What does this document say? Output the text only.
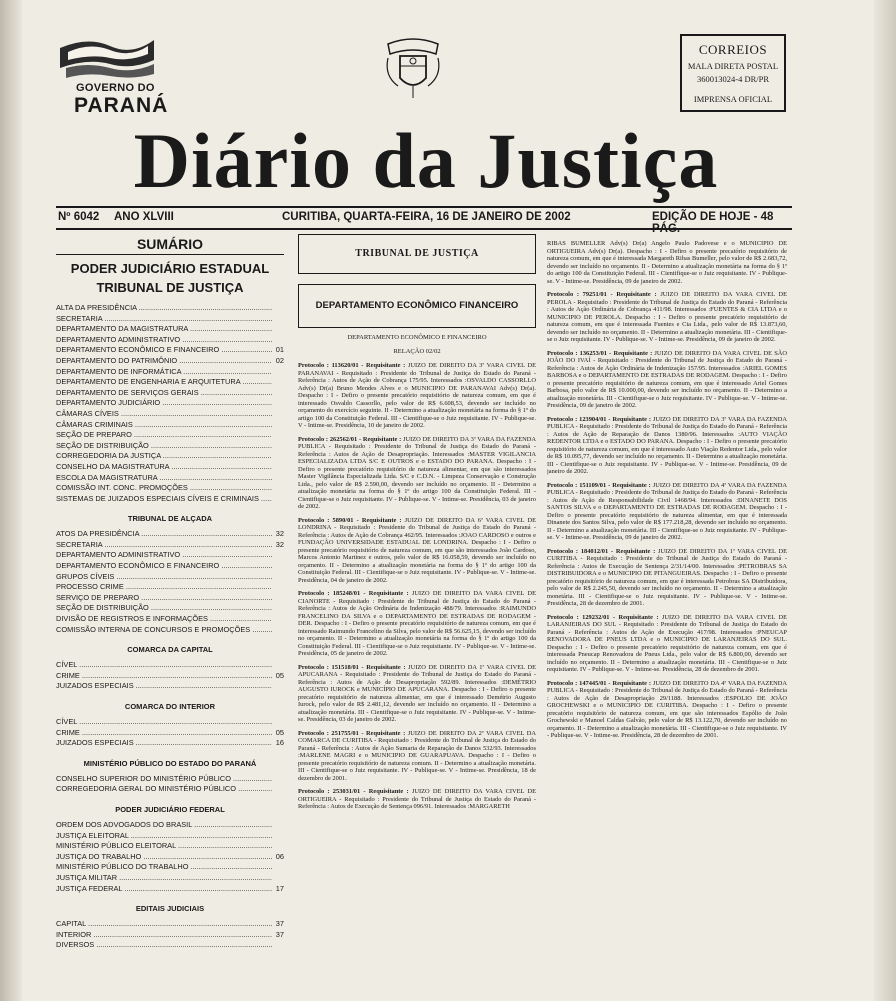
GOVERNO DO
PARANÁ
CORREIOS
MALA DIRETA POSTAL
360013024-4 DR/PR
IMPRENSA OFICIAL
Diário da Justiça
Nº 6042 ANO XLVIII	CURITIBA, QUARTA-FEIRA, 16 DE JANEIRO DE 2002	EDIÇÃO DE HOJE - 48 PÁG.
SUMÁRIO
PODER JUDICIÁRIO ESTADUAL
TRIBUNAL DE JUSTIÇA
ALTA DA PRESIDÊNCIA .....
SECRETARIA .....
DEPARTAMENTO DA MAGISTRATURA .....
DEPARTAMENTO ADMINISTRATIVO .....
DEPARTAMENTO ECONÔMICO E FINANCEIRO .....	01
DEPARTAMENTO DO PATRIMÔNIO .....	02
DEPARTAMENTO DE INFORMÁTICA .....
DEPARTAMENTO DE ENGENHARIA E ARQUITETURA .....
DEPARTAMENTO DE SERVIÇOS GERAIS .....
DEPARTAMENTO JUDICIÁRIO .....
CÂMARAS CÍVEIS .....
CÂMARAS CRIMINAIS .....
SEÇÃO DE PREPARO .....
SEÇÃO DE DISTRIBUIÇÃO .....
CORREGEDORIA DA JUSTIÇA .....
CONSELHO DA MAGISTRATURA .....
ESCOLA DA MAGISTRATURA .....
COMISSÃO INT. CONC. PROMOÇÕES .....
SISTEMAS DE JUIZADOS ESPECIAIS CÍVEIS E CRIMINAIS .....
TRIBUNAL DE ALÇADA
ATOS DA PRESIDÊNCIA .....	32
SECRETARIA .....	32
DEPARTAMENTO ADMINISTRATIVO .....
DEPARTAMENTO ECONÔMICO E FINANCEIRO .....
GRUPOS CÍVEIS .....
PROCESSO CRIME .....
SERVIÇO DE PREPARO .....
SEÇÃO DE DISTRIBUIÇÃO .....
DIVISÃO DE REGISTROS E INFORMAÇÕES .....
COMISSÃO INTERNA DE CONCURSOS E PROMOÇÕES .....
COMARCA DA CAPITAL
CÍVEL .....
CRIME .....	05
JUIZADOS ESPECIAIS .....
COMARCA DO INTERIOR
CÍVEL .....
CRIME .....	05
JUIZADOS ESPECIAIS .....	16
MINISTÉRIO PÚBLICO DO ESTADO DO PARANÁ
CONSELHO SUPERIOR DO MINISTÉRIO PÚBLICO .....
CORREGEDORIA GERAL DO MINISTÉRIO PÚBLICO .....
PODER JUDICIÁRIO FEDERAL
ORDEM DOS ADVOGADOS DO BRASIL .....
JUSTIÇA ELEITORAL .....
MINISTÉRIO PÚBLICO ELEITORAL .....
JUSTIÇA DO TRABALHO .....	06
MINISTÉRIO PÚBLICO DO TRABALHO .....
JUSTIÇA MILITAR .....
JUSTIÇA FEDERAL .....	17
EDITAIS JUDICIAIS
CAPITAL .....	37
INTERIOR .....	37
DIVERSOS .....
TRIBUNAL DE JUSTIÇA
DEPARTAMENTO ECONÔMICO FINANCEIRO
DEPARTAMENTO ECONÔMICO E FINANCEIRO
RELAÇÃO 02/02
Protocolo : 113620/01 - Requisitante : JUIZO DE DIREITO DA 3ª VARA CIVEL DE PARANAVAI - Requisitado : Presidente do Tribunal de Justiça do Estado do Paraná - Referência : Autos de Ação de Cobrança 175/95. Interessados :OSVALDO CASSORLLO Adv(s) Dr(a) Bruno Mendes Alves e o MUNICIPIO DE PARANAVAI Adv(s) Dr(a). Despacho : I - Defiro o presente precatório requisitório de natureza comum, em que é interessado Osvaldo Cassorllo, pelo valor de R$ 6.608,53, devendo ser incluído no orçamento do exercício seguinte. II - Determino a atualização monetária na forma do § 1º do artigo 100 da Constituição Federal. III - Cientifique-se o Juiz requisitante. IV - Publique-se. V - Intime-se. Presidência, 10 de janeiro de 2002.
Protocolo : 262562/01 - Requisitante : JUIZO DE DIREITO DA 3ª VARA DA FAZENDA PUBLICA - Requisitado : Presidente do Tribunal de Justiça do Estado do Paraná - Referência : Autos de Ação de Desapropriação. Interessados :MASTER VIGILANCIA ESPECIALIZADA LTDA S/C E OUTROS e o ESTADO DO PARANA. Despacho : I - Defiro o presente precatório requisitório de natureza alimentar, em que são interessados Master Vigilância Especializada Ltda. S/C e C.D.N. - Limpeza Conservação e Construção Ltda., pelo valor de R$ 2.590,00, devendo ser incluído no orçamento. II - Determino a atualização monetária na forma do § 1º do artigo 100 da Constituição Federal. III - Cientifique-se o Juiz requisitante. IV - Publique-se. V - Intime-se. Presidência, 03 de janeiro de 2002.
Protocolo : 5890/01 - Requisitante : JUIZO DE DIREITO DA 6ª VARA CIVEL DE LONDRINA - Requisitado : Presidente do Tribunal de Justiça do Estado do Paraná - Referência : Autos de Ação de Cobrança 462/95. Interessados :JOAO CARDOSO e outros e FUNDAÇÃO UNIVERSIDADE ESTADUAL DE LONDRINA. Despacho : I - Defiro o presente precatório requisitório de natureza comum, em que são interessados João Cardoso, Marcos Antonio Martinez e outros, pelo valor de R$ 16.058,59, devendo ser incluído no orçamento. II - Determino a atualização monetária na forma do § 1º do artigo 100 da Constituição Federal. III - Cientifique-se o Juiz requisitante. IV - Publique-se. V - Intime-se. Presidência, 04 de janeiro de 2002.
Protocolo : 185248/01 - Requisitante : JUIZO DE DIREITO DA VARA CIVEL DE CIANORTE - Requisitado : Presidente do Tribunal de Justiça do Estado do Paraná - Referência : Autos de Ação Ordinária de Indenização 488/79. Interessados :RAIMUNDO FRANCELINO DA SILVA e o DEPARTAMENTO DE ESTRADAS DE RODAGEM - DER. Despacho : I - Defiro o presente precatório requisitório de natureza comum, em que é interessado Raimundo Francelino da Silva, pelo valor de R$ 56.625,15, devendo ser incluído no orçamento. II - Determino a atualização monetária na forma do § 1º do artigo 100 da Constituição Federal. III - Cientifique-se o Juiz requisitante. IV - Publique-se. V - Intime-se. Presidência, 05 de janeiro de 2002.
Protocolo : 151518/01 - Requisitante : JUIZO DE DIREITO DA 1ª VARA CIVEL DE APUCARANA - Requisitado : Presidente do Tribunal de Justiça do Estado do Paraná - Referência : Autos de Ação de Desapropriação 592/89. Interessados :DEMÉTRIO AUGUSTO IUROCK e MUNICÍPIO DE APUCARANA. Despacho : I - Defiro o presente precatório requisitório de natureza alimentar, em que é interessado Demétrio Augusto Iurock, pelo valor de R$ 2.481,12, devendo ser incluído no orçamento. II - Determino a atualização monetária. III - Cientifique-se o Juiz requisitante. IV - Publique-se. V - Intime-se. Presidência, 03 de janeiro de 2002.
Protocolo : 251755/01 - Requisitante : JUIZO DE DIREITO DA 2ª VARA CIVEL DA COMARCA DE CURITIBA - Requisitado : Presidente do Tribunal de Justiça do Estado do Paraná - Referência : Autos de Ação Sumaria de Reparação de Danos 532/93. Interessados :MARLENE MAGRI e o MUNICIPIO DE GUARAPUAVA. Despacho : I - Defiro o presente precatório requisitório de natureza comum. II - Determino a atualização monetária. III - Cientifique-se o Juiz requisitante. IV - Publique-se. V - Intime-se. Presidência, 18 de dezembro de 2001.
Protocolo : 253031/01 - Requisitante : JUIZO DE DIREITO DA VARA CIVEL DE ORTIGUEIRA - Requisitado : Presidente do Tribunal de Justiça do Estado do Paraná - Referência : Autos de Execução de Sentença 096/91. Interessados :MARGARETH
RIBAS BUMELLER Adv(s) Dr(a) Angelo Paulo Padovese e o MUNICIPIO DE ORTIGUEIRA Adv(s) Dr(a). Despacho : I - Defiro o presente precatório requisitório de natureza comum, em que é interessada Margareth Ribas Bumeller, pelo valor de R$ 2.683,72, devendo ser incluído no orçamento. II - Determino a atualização monetária na forma do § 1º do artigo 100 da Constituição Federal. III - Cientifique-se o Juiz requisitante. IV - Publique-se. V - Intime-se. Presidência, 09 de janeiro de 2002.
Protocolo : 79251/01 - Requisitante : JUIZO DE DIREITO DA VARA CIVEL DE PEROLA - Requisitado : Presidente do Tribunal de Justiça do Estado do Paraná - Referência : Autos de Ação Ordinária de Cobrança 411/98. Interessados :FUENTES & CIA LTDA e o MUNICIPIO DE PEROLA. Despacho : I - Defiro o presente precatório requisitório de natureza comum, em que é interessada Fuentes e Cia Ltda., pelo valor de R$ 13.873,60, devendo ser incluído no orçamento. II - Determino a atualização monetária. III - Cientifique-se o Juiz requisitante. IV - Publique-se. V - Intime-se. Presidência, 09 de janeiro de 2002.
Protocolo : 136253/01 - Requisitante : JUIZO DE DIREITO DA VARA CIVEL DE SÃO JOÃO DO IVAÍ - Requisitado : Presidente do Tribunal de Justiça do Estado do Paraná - Referência : Autos de Ação Ordinária de Indenização 157/95. Interessados :ARIEL GOMES BARBOSA e o DEPARTAMENTO DE ESTRADAS DE RODAGEM. Despacho : I - Defiro o presente precatório requisitório de natureza comum, em que é interessado Ariel Gomes Barbosa, pelo valor de R$ 10.000,00, devendo ser incluído no orçamento. II - Determino a atualização monetária. III - Cientifique-se o Juiz requisitante. IV - Publique-se. V - Intime-se. Presidência, 09 de janeiro de 2002.
Protocolo : 123904/01 - Requisitante : JUIZO DE DIREITO DA 3ª VARA DA FAZENDA PUBLICA - Requisitado : Presidente do Tribunal de Justiça do Estado do Paraná - Referência : Autos de Ação de Reparação de Danos 1380/96. Interessados :AUTO VIAÇÃO REDENTOR LTDA e o ESTADO DO PARANA. Despacho : I - Defiro o presente precatório requisitório de natureza comum, em que é interessado Auto Viação Redentor Ltda., pelo valor de R$ 10.095,77, devendo ser incluído no orçamento. II - Determino a atualização monetária. III - Cientifique-se o Juiz requisitante. IV - Publique-se. V - Intime-se. Presidência, 09 de janeiro de 2002.
Protocolo : 151109/01 - Requisitante : JUIZO DE DIREITO DA 4ª VARA DA FAZENDA PUBLICA - Requisitado : Presidente do Tribunal de Justiça do Estado do Paraná - Referência : Autos de Ação de Responsabilidade Civil 1468/94. Interessados :DINANETE DOS SANTOS SILVA e o DEPARTAMENTO DE ESTRADAS DE RODAGEM. Despacho : I - Defiro o presente precatório requisitório de natureza alimentar, em que é interessada Dinanete dos Santos Silva, pelo valor de R$ 177.218,28, devendo ser incluído no orçamento. II - Determino a atualização monetária. III - Cientifique-se o Juiz requisitante. IV - Publique-se. V - Intime-se. Presidência, 09 de janeiro de 2002.
Protocolo : 184012/01 - Requisitante : JUIZO DE DIREITO DA 1ª VARA CIVEL DE CURITIBA - Requisitado : Presidente do Tribunal de Justiça do Estado do Paraná - Referência : Autos de Execução de Sentença 2/31/14/00. Interessados :PETROBRAS SA DISTRIBUIDORA e o MUNICIPIO DE PITANGUEIRAS. Despacho : I - Defiro o presente precatório requisitório de natureza comum, em que é interessada Petrobras SA Distribuidora, pelo valor de R$ 2.245,50, devendo ser incluído no orçamento. II - Determino a atualização monetária. III - Cientifique-se o Juiz requisitante. IV - Publique-se. V - Intime-se. Presidência, 28 de dezembro de 2001.
Protocolo : 129232/01 - Requisitante : JUIZO DE DIREITO DA VARA CIVEL DE LARANJEIRAS DO SUL - Requisitado : Presidente do Tribunal de Justiça do Estado do Paraná - Referência : Autos de Ação de Execução 417/98. Interessados :PNEUCAP RENOVADORA DE PNEUS LTDA e o MUNICIPIO DE LARANJEIRAS DO SUL. Despacho : I - Defiro o presente precatório requisitório de natureza comum, em que é interessada Pneucap Renovadora de Pneus Ltda., pelo valor de R$ 6.800,00, devendo ser incluído no orçamento. II - Determino a atualização monetária. III - Cientifique-se o Juiz requisitante. IV - Publique-se. V - Intime-se. Presidência, 28 de dezembro de 2001.
Protocolo : 147445/01 - Requisitante : JUIZO DE DIREITO DA 4ª VARA DA FAZENDA PUBLICA - Requisitado : Presidente do Tribunal de Justiça do Estado do Paraná - Referência : Autos de Ação de Desapropriação 29/1188. Interessados :ESPOLIO DE JOÃO GROCHEWSKI e o MUNICIPIO DE CURITIBA. Despacho : I - Defiro o presente precatório requisitório de natureza comum, em que são interessados Espólio de João Grochewski e Manoel Caldas Galvão, pelo valor de R$ 13.122,70, devendo ser incluído no orçamento. II - Determino a atualização monetária. III - Cientifique-se o Juiz requisitante. IV - Publique-se. V - Intime-se. Presidência, 28 de dezembro de 2001.
